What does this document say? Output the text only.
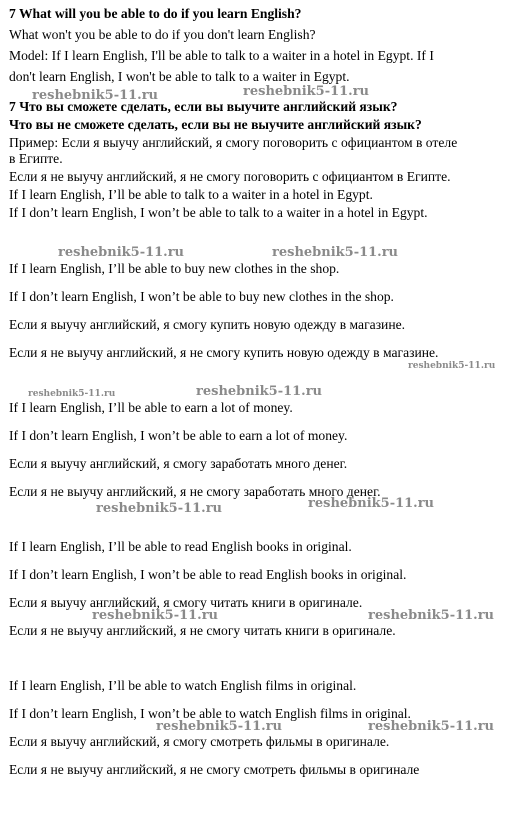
7 What will you be able to do if you learn English?
What won't you be able to do if you don't learn English?
Model: If I learn English, I'll be able to talk to a waiter in a hotel in Egypt. If I
don't learn English, I won't be able to talk to a waiter in Egypt.
7 Что вы сможете сделать, если вы выучите английский язык?
Что вы не сможете сделать, если вы не выучите английский язык?
Пример: Если я выучу английский, я смогу поговорить с официантом в отеле
в Египте.
Если я не выучу английский, я не смогу поговорить с официантом в Египте.
If I learn English, I’ll be able to talk to a waiter in a hotel in Egypt.
If I don’t learn English, I won’t be able to talk to a waiter in a hotel in Egypt.
If I learn English, I’ll be able to buy new clothes in the shop.
If I don’t learn English, I won’t be able to buy new clothes in the shop.
Если я выучу английский, я смогу купить новую одежду в магазине.
Если я не выучу английский, я не смогу купить новую одежду в магазине.
If I learn English, I’ll be able to earn a lot of money.
If I don’t learn English, I won’t be able to earn a lot of money.
Если я выучу английский, я смогу заработать много денег.
Если я не выучу английский, я не смогу заработать много денег.
If I learn English, I’ll be able to read English books in original.
If I don’t learn English, I won’t be able to read English books in original.
Если я выучу английский, я смогу читать книги в оригинале.
Если я не выучу английский, я не смогу читать книги в оригинале.
If I learn English, I’ll be able to watch English films in original.
If I don’t learn English, I won’t be able to watch English films in original.
Если я выучу английский, я смогу смотреть фильмы в оригинале.
Если я не выучу английский, я не смогу смотреть фильмы в оригинале
reshebnik5-11.ru	reshebnik5-11.ru
reshebnik5-11.ru	reshebnik5-11.ru
reshebnik5-11.ru
reshebnik5-11.ru	reshebnik5-11.ru
reshebnik5-11.ru	reshebnik5-11.ru
reshebnik5-11.ru	reshebnik5-11.ru
reshebnik5-11.ru	reshebnik5-11.ru
